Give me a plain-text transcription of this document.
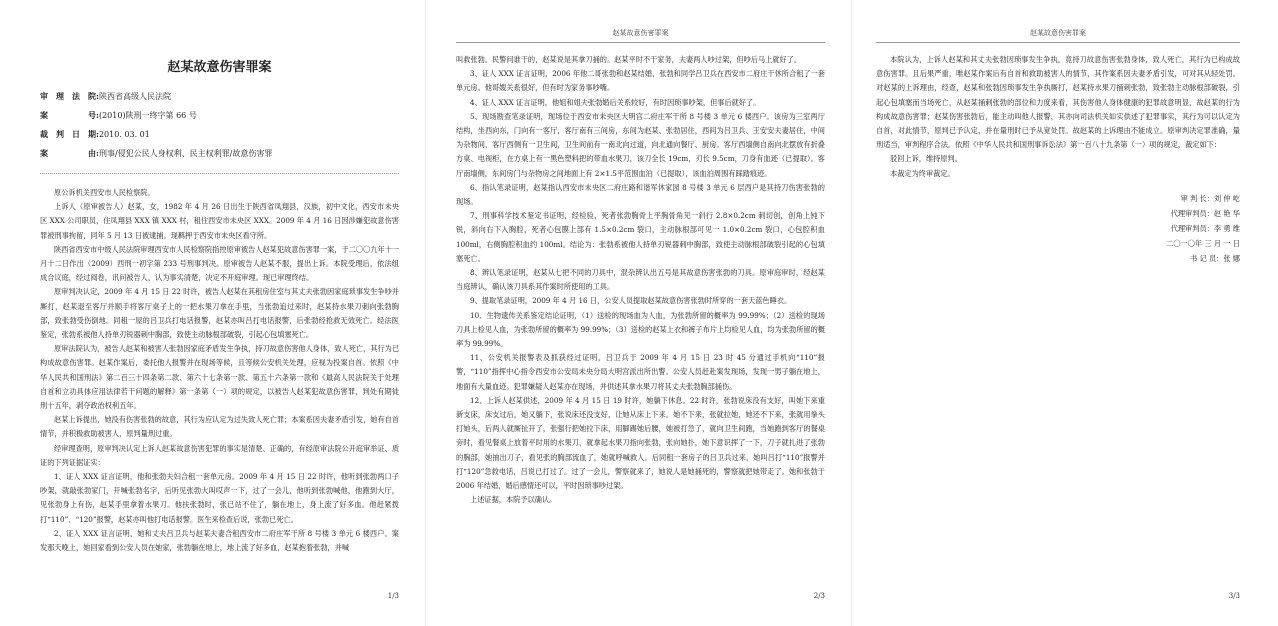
赵某故意伤害罪案
审　理　法　院:陕西省高级人民法院
案　　　　　号:(2010)陕刑一终字第 66 号
裁　判　日　期:2010. 03. 01
案　　　　　由:刑事/侵犯公民人身权利、民主权利罪/故意伤害罪

原公诉机关西安市人民检察院。

上诉人（原审被告人）赵某，女，1982 年 4 月 26 日出生于陕西省凤翔县，汉族，初中文化，西安市未央区 XXX 公司职员，住凤翔县 XXX 镇 XXX 村，租住西安市未央区 XXX。2009 年 4 月 16 日因涉嫌犯故意伤害罪被刑事拘留，同年 5 月 13 日被逮捕。现羁押于西安市未央区看守所。

陕西省西安市中级人民法院审理西安市人民检察院指控原审被告人赵某犯故意伤害罪一案，于二〇〇九年十一月十二日作出（2009）西刑一初字第 233 号刑事判决。原审被告人赵某不服，提出上诉。本院受理后，依法组成合议庭，经过阅卷，讯问被告人，认为事实清楚，决定不开庭审理。现已审理终结。

原审判决认定，2009 年 4 月 15 日 22 时许，被告人赵某在其租房住室与其丈夫张勃因家庭琐事发生争吵并厮打，赵某退至客厅并顺手将客厅桌子上的一把水果刀拿在手里，当张勃追过来时，赵某持水果刀刺向张勃胸部，致张勃受伤倒地。同租一屋的吕卫兵打电话报警，赵某亦叫吕打电话报警，后张勃经抢救无效死亡。经法医鉴定，张勃系被他人持单刃锐器刺中胸部，致使主动脉根部破裂，引起心包填塞死亡。

原审法院认为，被告人赵某和被害人张勃因家庭矛盾发生争执，持刀故意伤害他人身体，致人死亡，其行为已构成故意伤害罪。赵某作案后，委托他人报警并在现场等候，且等候公安机关处理，应视为投案自首。依照《中华人民共和国刑法》第二百三十四条第二款、第六十七条第一款、第五十六条第一款和《最高人民法院关于处理自首和立功具体应用法律若干问题的解释》第一条第（一）项的规定，以被告人赵某犯故意伤害罪，判处有期徒刑十五年，剥夺政治权利五年。

赵某上诉提出，她没有伤害张勃的故意，其行为应认定为过失致人死亡罪；本案系因夫妻矛盾引发，她有自首情节，并积极救助被害人，原判量刑过重。

经审理查明，原审判决认定上诉人赵某故意伤害犯罪的事实是清楚、正确的，有经原审法院公开庭审举证、质证的下列证据证实：

1、证人 XXX 证言证明，他和张勃夫妇合租一套单元房。2009 年 4 月 15 日 22 时许，他听到张勃两口子吵架，就敲张勃家门，开喊张勃名字，后听见张勃大叫哎声一下，过了一会儿，他听到张勃喊他，他跑到大厅，见张勃身上有伤，赵某手里拿着水果刀。他扶张勃时，张已站不住了，躺在地上，身上流了好多血。他赶紧拨打“110”、“120”报警，赵某亦叫他打电话报警。医生来检查后说，张勃已死亡。

2、证人 XXX 证言证明，她和丈夫吕卫兵与赵某夫妻合租西安市二府庄军干所 8 号楼 3 单元 6 楼西户。案发那天晚上，她回家看到公安人员在她家，张勃躺在地上，地上流了好多血，赵某抱着张勃，并喊

1/3
赵某故意伤害罪案

叫救张勃。民警问谁干的，赵某说是其拿刀捅的。赵某平时不干家务，夫妻两人吵过架，但吵后马上就好了。

3、证人 XXX 证言证明，2006 年他二哥张勃和赵某结婚，张勃和同学吕卫兵在西安市二府庄干休所合租了一套单元房。他哥嫂关系很好，但有时为家务事吵嘴。

4、证人 XXX 证言证明，他姐和姐夫张勃婚后关系较好，有时因琐事吵架，但事后就好了。

5、现场勘查笔录证明，现场位于西安市未央区大明宫二府庄军干所 8 号楼 3 单元 6 楼西户。该房为三室两厅结构，坐西向东，门向有一客厅，客厅南有三间房，东间为赵某、张勃居住，西间为吕卫兵、王安安夫妻居住，中间为杂物间，客厅西侧有一卫生间，卫生间前有一南北向过道，向北通向餐厅、厨房。客厅西墙侧自南向北摆放有折叠方桌、电视柜，在方桌上有一黑色塑料把的带血水果刀，该刀全长 19cm，刃长 9.5cm，刀身有血迹（已提取）。客厅南墙侧，东间房门与杂物房之间地面上有 2×1.5平范围血泊（已提取），该血泊周围有踩踏痕迹。

6、指认笔录证明，赵某指认西安市未央区二府庄路和谐军休家园 8 号楼 3 单元 6 层西户是其持刀伤害张勃的现场。

7、刑事科学技术鉴定书证明，经检验，死者张勃胸骨上平胸骨角见一斜行 2.8×0.2cm 刺切创，创角上钝下锐，斜向右下入胸腔，死者心包膜上部有 1.5×0.2cm 裂口，主动脉根部可见一 1.0×0.2cm 裂口，心包腔积血 100ml，右侧胸腔积血约 100ml。结论为：张勃系被他人持单刃锐器刺中胸部，致使主动脉根部破裂引起的心包填塞死亡。

8、辨认笔录证明，赵某从七把不同的刀具中，混杂辨认出五号是其故意伤害张勃的刀具。原审庭审时，经赵某当庭辨认，确认该刀具系其作案时所使用的工具。

9、提取笔录证明，2009 年 4 月 16 日，公安人员提取赵某故意伤害张勃时所穿的一套天蓝色睡衣。

10、生物遗传关系鉴定结论证明，（1）送检的现场血为人血，为张勃所留的概率为 99.99%；（2）送检的现场刀具上检见人血，为张勃所留的概率为 99.99%；（3）送检的赵某上衣和裤子布片上均检见人血，均为张勃所留的概率为 99.99%。

11、公安机关报警表及抓获经过证明，吕卫兵于 2009 年 4 月 15 日 23 时 45 分通过手机向“110”报警，“110”指挥中心指令西安市公安局未央分局大明宫派出所出警。公安人员赶赴案发现场，发现一男子躺在地上，地面有大量血迹。犯罪嫌疑人赵某亦在现场，并供述其拿水果刀将其丈夫张勃胸部捅伤。

12、上诉人赵某供述，2009 年 4 月 15 日 19 时许，她躺下休息。22 时许，张勃说床没有支好，叫她下来重新支床，床支过后，她又躺下，张说床还没支好，让她从床上下来。她不下来，张就拉她，她还不下来，张就用拳头打她头，后两人就厮扯开了，张强行把她拉下床，用脚踢她后腰，她被打急了，就向卫生间跑，当她跑到客厅的餐桌旁时，看见餐桌上放着平时用的水果刀，就拿起水果刀指向张勃，张向她扑，她下意识挥了一下，刀子就扎进了张勃的胸部，她抽出刀子，看见张的胸部流血了，她就呼喊救人。后同租一套房子的吕卫兵过来，她叫吕打“110”报警并打“120”急救电话，吕说已打过了。过了一会儿，警察就来了，她说人是她捅死的，警察就把她带走了。她和张勃于 2006 年结婚，婚后感情还可以，平时因琐事吵过架。

上述证据，本院予以确认。

2/3
赵某故意伤害罪案

本院认为，上诉人赵某和其丈夫张勃因琐事发生争执，竟持刀故意伤害张勃身体，致人死亡，其行为已构成故意伤害罪。且后果严重，唯赵某作案后有自首和救助被害人的情节，其作案系因夫妻矛盾引发，可对其从轻处罚。对赵某的上诉理由，经查，赵某和张勃因琐事发生争执厮打，赵某持水果刀捅刺张勃，致张勃主动脉根部破裂，引起心包填塞而当场死亡，从赵某捅刺张勃的部位和力度来看，其伤害他人身体健康的犯罪故意明显，故赵某的行为构成故意伤害罪；赵某伤害张勃后，能主动叫他人报警，其亦向司法机关如实供述了犯罪事实，其行为可以认定为自首，对此情节，原判已予认定，并在量刑时已予从宽处罚。故赵某的上诉理由不能成立。原审判决定罪准确，量刑适当，审判程序合法。依照《中华人民共和国刑事诉讼法》第一百八十九条第（一）项的规定，裁定如下：

驳回上诉，维持原判。

本裁定为终审裁定。

审 判 长：刘 仲 屹
代理审判员：赵 艳 华
代理审判员：李 勇 维
二〇一〇年 三 月 一 日
书 记 员：张 娜
3/3
